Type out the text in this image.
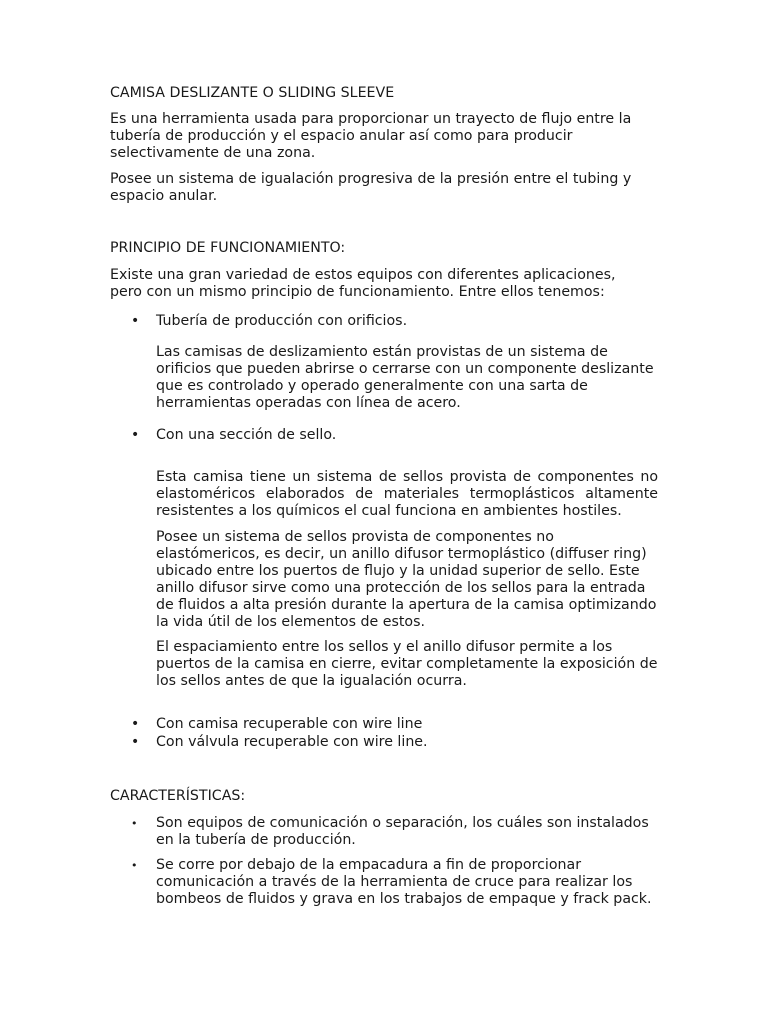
CAMISA DESLIZANTE O SLIDING SLEEVE

Es una herramienta usada para proporcionar un trayecto de flujo entre la tubería de producción y el espacio anular así como para producir selectivamente de una zona.

Posee un sistema de igualación progresiva de la presión entre el tubing y espacio anular.

PRINCIPIO DE FUNCIONAMIENTO:

Existe una gran variedad de estos equipos con diferentes aplicaciones, pero con un mismo principio de funcionamiento. Entre ellos tenemos:

• Tubería de producción con orificios.

Las camisas de deslizamiento están provistas de un sistema de orificios que pueden abrirse o cerrarse con un componente deslizante que es controlado y operado generalmente con una sarta de herramientas operadas con línea de acero.

• Con una sección de sello.

Esta camisa tiene un sistema de sellos provista de componentes no elastoméricos elaborados de materiales termoplásticos altamente resistentes a los químicos el cual funciona en ambientes hostiles.

Posee un sistema de sellos provista de componentes no elastómericos, es decir, un anillo difusor termoplástico (diffuser ring) ubicado entre los puertos de flujo y la unidad superior de sello. Este anillo difusor sirve como una protección de los sellos para la entrada de fluidos a alta presión durante la apertura de la camisa optimizando la vida útil de los elementos de estos.

El espaciamiento entre los sellos y el anillo difusor permite a los puertos de la camisa en cierre, evitar completamente la exposición de los sellos antes de que la igualación ocurra.

• Con camisa recuperable con wire line

• Con válvula recuperable con wire line.

CARACTERÍSTICAS:

• Son equipos de comunicación o separación, los cuáles son instalados en la tubería de producción.

• Se corre por debajo de la empacadura a fin de proporcionar comunicación a través de la herramienta de cruce para realizar los bombeos de fluidos y grava en los trabajos de empaque y frack pack.
